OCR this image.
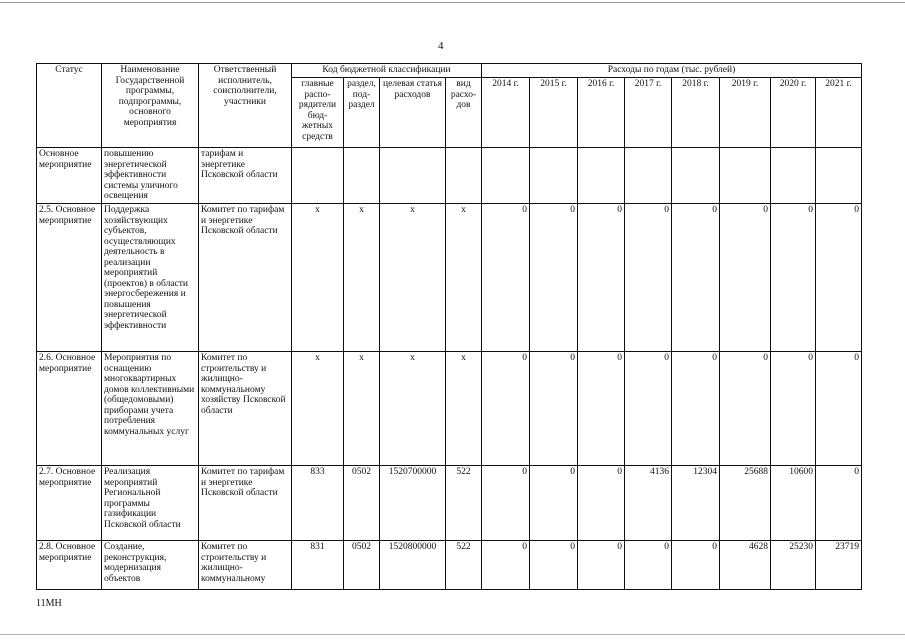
4
Статус	Наименование Государственной программы, подпрограммы, основного мероприятия	Ответственный исполнитель, соисполнители, участники	Код бюджетной классификации				Расходы по годам (тыс. рублей)							
			главные распо-рядители бюд-жетных средств	раздел, под-раздел	целевая статья расходов	вид расхо-дов	2014 г.	2015 г.	2016 г.	2017 г.	2018 г.	2019 г.	2020 г.	2021 г.
Основное мероприятие	повышению энергетической эффективности системы уличного освещения	тарифам и энергетике Псковской области												
2.5. Основное мероприятие	Поддержка хозяйствующих субъектов, осуществляющих деятельность в реализации мероприятий (проектов) в области энергосбережения и повышения энергетической эффективности	Комитет по тарифам и энергетике Псковской области	x	x	x	x	0	0	0	0	0	0	0	0
2.6. Основное мероприятие	Мероприятия по оснащению многоквартирных домов коллективными (общедомовыми) приборами учета потребления коммунальных услуг	Комитет по строительству и жилищно-коммунальному хозяйству Псковской области	x	x	x	x	0	0	0	0	0	0	0	0
2.7. Основное мероприятие	Реализация мероприятий Региональной программы газификации Псковской области	Комитет по тарифам и энергетике Псковской области	833	0502	1520700000	522	0	0	0	4136	12304	25688	10600	0
2.8. Основное мероприятие	Создание, реконструкция, модернизация объектов	Комитет по строительству и жилищно-коммунальному	831	0502	1520800000	522	0	0	0	0	0	4628	25230	23719
11МН
